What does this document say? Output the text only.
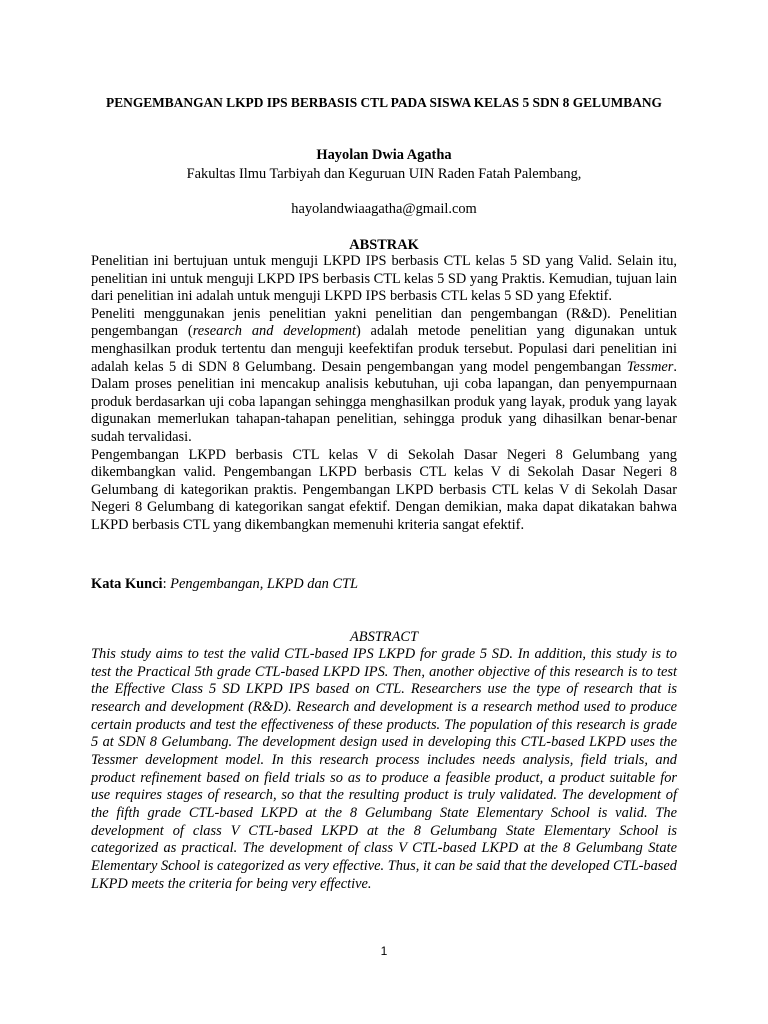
PENGEMBANGAN LKPD IPS BERBASIS CTL PADA SISWA KELAS 5 SDN 8 GELUMBANG
Hayolan Dwia Agatha
Fakultas Ilmu Tarbiyah dan Keguruan UIN Raden Fatah Palembang,
hayolandwiaagatha@gmail.com
ABSTRAK

Penelitian ini bertujuan untuk menguji LKPD IPS berbasis CTL kelas 5 SD yang Valid. Selain itu, penelitian ini untuk menguji LKPD IPS berbasis CTL kelas 5 SD yang Praktis. Kemudian, tujuan lain dari penelitian ini adalah untuk menguji LKPD IPS berbasis CTL kelas 5 SD yang Efektif.

Peneliti menggunakan jenis penelitian yakni penelitian dan pengembangan (R&D). Penelitian pengembangan (research and development) adalah metode penelitian yang digunakan untuk menghasilkan produk tertentu dan menguji keefektifan produk tersebut. Populasi dari penelitian ini adalah kelas 5 di SDN 8 Gelumbang. Desain pengembangan yang model pengembangan Tessmer. Dalam proses penelitian ini mencakup analisis kebutuhan, uji coba lapangan, dan penyempurnaan produk berdasarkan uji coba lapangan sehingga menghasilkan produk yang layak, produk yang layak digunakan memerlukan tahapan-tahapan penelitian, sehingga produk yang dihasilkan benar-benar sudah tervalidasi.

Pengembangan LKPD berbasis CTL kelas V di Sekolah Dasar Negeri 8 Gelumbang yang dikembangkan valid. Pengembangan LKPD berbasis CTL kelas V di Sekolah Dasar Negeri 8 Gelumbang di kategorikan praktis. Pengembangan LKPD berbasis CTL kelas V di Sekolah Dasar Negeri 8 Gelumbang di kategorikan sangat efektif. Dengan demikian, maka dapat dikatakan bahwa LKPD berbasis CTL yang dikembangkan memenuhi kriteria sangat efektif.

Kata Kunci: Pengembangan, LKPD dan CTL
ABSTRACT

This study aims to test the valid CTL-based IPS LKPD for grade 5 SD. In addition, this study is to test the Practical 5th grade CTL-based LKPD IPS. Then, another objective of this research is to test the Effective Class 5 SD LKPD IPS based on CTL. Researchers use the type of research that is research and development (R&D). Research and development is a research method used to produce certain products and test the effectiveness of these products. The population of this research is grade 5 at SDN 8 Gelumbang. The development design used in developing this CTL-based LKPD uses the Tessmer development model. In this research process includes needs analysis, field trials, and product refinement based on field trials so as to produce a feasible product, a product suitable for use requires stages of research, so that the resulting product is truly validated. The development of the fifth grade CTL-based LKPD at the 8 Gelumbang State Elementary School is valid. The development of class V CTL-based LKPD at the 8 Gelumbang State Elementary School is categorized as practical. The development of class V CTL-based LKPD at the 8 Gelumbang State Elementary School is categorized as very effective. Thus, it can be said that the developed CTL-based LKPD meets the criteria for being very effective.

1
